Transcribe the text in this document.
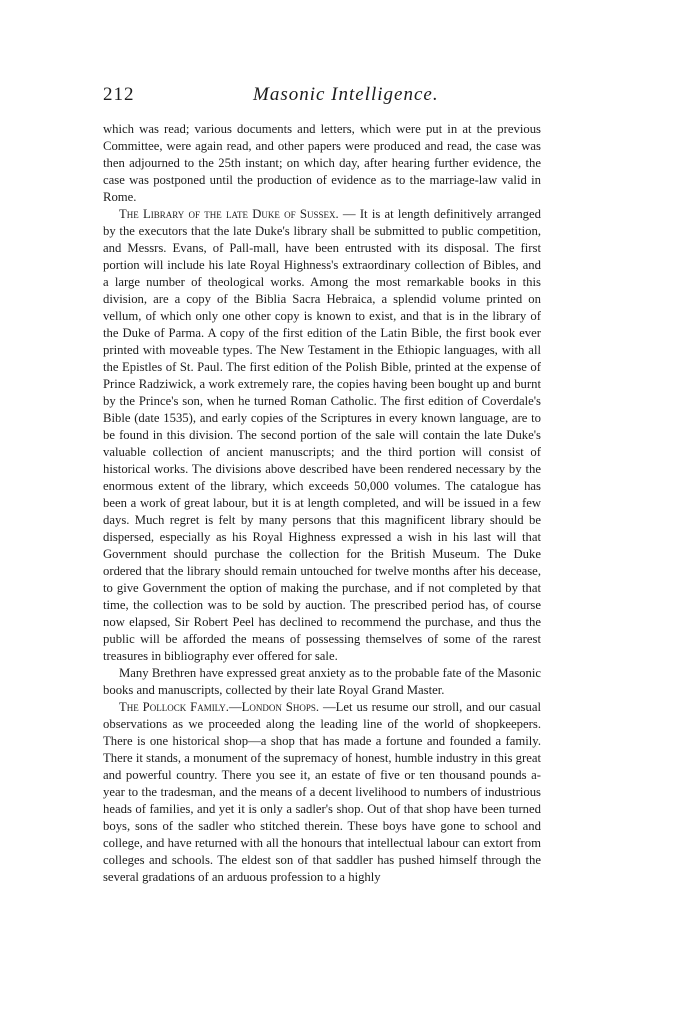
212	Masonic Intelligence.

which was read; various documents and letters, which were put in at the previous Committee, were again read, and other papers were produced and read, the case was then adjourned to the 25th instant; on which day, after hearing further evidence, the case was postponed until the production of evidence as to the marriage-law valid in Rome.

The Library of the late Duke of Sussex. — It is at length definitively arranged by the executors that the late Duke's library shall be submitted to public competition, and Messrs. Evans, of Pall-mall, have been entrusted with its disposal. The first portion will include his late Royal Highness's extraordinary collection of Bibles, and a large number of theological works. Among the most remarkable books in this division, are a copy of the Biblia Sacra Hebraica, a splendid volume printed on vellum, of which only one other copy is known to exist, and that is in the library of the Duke of Parma. A copy of the first edition of the Latin Bible, the first book ever printed with moveable types. The New Testament in the Ethiopic languages, with all the Epistles of St. Paul. The first edition of the Polish Bible, printed at the expense of Prince Radziwick, a work extremely rare, the copies having been bought up and burnt by the Prince's son, when he turned Roman Catholic. The first edition of Coverdale's Bible (date 1535), and early copies of the Scriptures in every known language, are to be found in this division. The second portion of the sale will contain the late Duke's valuable collection of ancient manuscripts; and the third portion will consist of historical works. The divisions above described have been rendered necessary by the enormous extent of the library, which exceeds 50,000 volumes. The catalogue has been a work of great labour, but it is at length completed, and will be issued in a few days. Much regret is felt by many persons that this magnificent library should be dispersed, especially as his Royal Highness expressed a wish in his last will that Government should purchase the collection for the British Museum. The Duke ordered that the library should remain untouched for twelve months after his decease, to give Government the option of making the purchase, and if not completed by that time, the collection was to be sold by auction. The prescribed period has, of course now elapsed, Sir Robert Peel has declined to recommend the purchase, and thus the public will be afforded the means of possessing themselves of some of the rarest treasures in bibliography ever offered for sale.

Many Brethren have expressed great anxiety as to the probable fate of the Masonic books and manuscripts, collected by their late Royal Grand Master.

The Pollock Family.—London Shops. —Let us resume our stroll, and our casual observations as we proceeded along the leading line of the world of shopkeepers. There is one historical shop—a shop that has made a fortune and founded a family. There it stands, a monument of the supremacy of honest, humble industry in this great and powerful country. There you see it, an estate of five or ten thousand pounds a-year to the tradesman, and the means of a decent livelihood to numbers of industrious heads of families, and yet it is only a sadler's shop. Out of that shop have been turned boys, sons of the sadler who stitched therein. These boys have gone to school and college, and have returned with all the honours that intellectual labour can extort from colleges and schools. The eldest son of that saddler has pushed himself through the several gradations of an arduous profession to a highly
